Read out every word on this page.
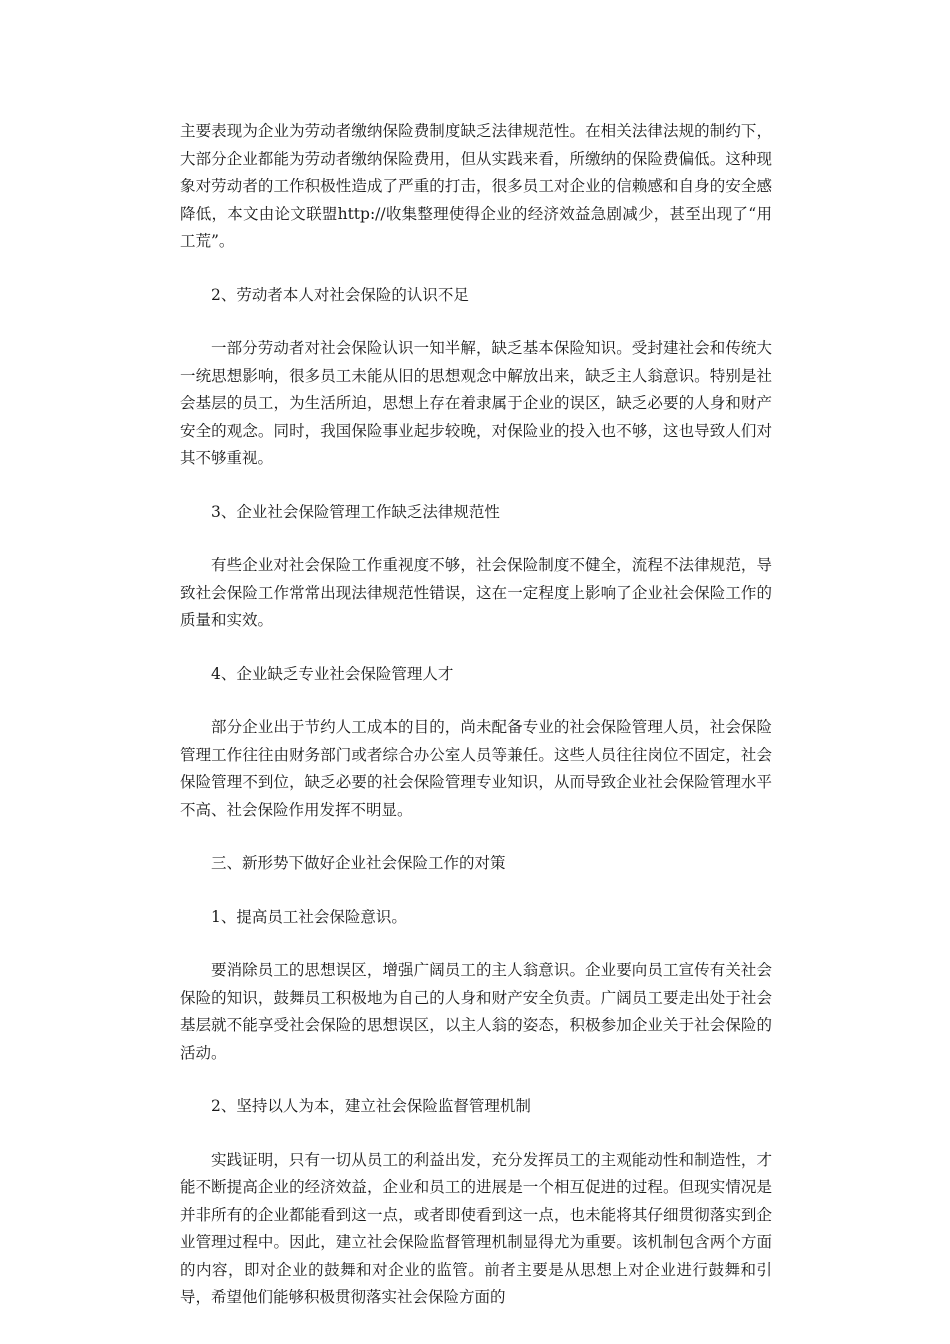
主要表现为企业为劳动者缴纳保险费制度缺乏法律规范性。在相关法律法规的制约下，大部分企业都能为劳动者缴纳保险费用，但从实践来看，所缴纳的保险费偏低。这种现象对劳动者的工作积极性造成了严重的打击，很多员工对企业的信赖感和自身的安全感降低，本文由论文联盟http://收集整理使得企业的经济效益急剧减少，甚至出现了“用工荒”。

2、劳动者本人对社会保险的认识不足

一部分劳动者对社会保险认识一知半解，缺乏基本保险知识。受封建社会和传统大一统思想影响，很多员工未能从旧的思想观念中解放出来，缺乏主人翁意识。特别是社会基层的员工，为生活所迫，思想上存在着隶属于企业的误区，缺乏必要的人身和财产安全的观念。同时，我国保险事业起步较晚，对保险业的投入也不够，这也导致人们对其不够重视。

3、企业社会保险管理工作缺乏法律规范性

有些企业对社会保险工作重视度不够，社会保险制度不健全，流程不法律规范，导致社会保险工作常常出现法律规范性错误，这在一定程度上影响了企业社会保险工作的质量和实效。

4、企业缺乏专业社会保险管理人才

部分企业出于节约人工成本的目的，尚未配备专业的社会保险管理人员，社会保险管理工作往往由财务部门或者综合办公室人员等兼任。这些人员往往岗位不固定，社会保险管理不到位，缺乏必要的社会保险管理专业知识，从而导致企业社会保险管理水平不高、社会保险作用发挥不明显。

三、新形势下做好企业社会保险工作的对策

1、提高员工社会保险意识。

要消除员工的思想误区，增强广阔员工的主人翁意识。企业要向员工宣传有关社会保险的知识，鼓舞员工积极地为自己的人身和财产安全负责。广阔员工要走出处于社会基层就不能享受社会保险的思想误区，以主人翁的姿态，积极参加企业关于社会保险的活动。

2、坚持以人为本，建立社会保险监督管理机制

实践证明，只有一切从员工的利益出发，充分发挥员工的主观能动性和制造性，才能不断提高企业的经济效益，企业和员工的进展是一个相互促进的过程。但现实情况是并非所有的企业都能看到这一点，或者即使看到这一点，也未能将其仔细贯彻落实到企业管理过程中。因此，建立社会保险监督管理机制显得尤为重要。该机制包含两个方面的内容，即对企业的鼓舞和对企业的监管。前者主要是从思想上对企业进行鼓舞和引导，希望他们能够积极贯彻落实社会保险方面的
